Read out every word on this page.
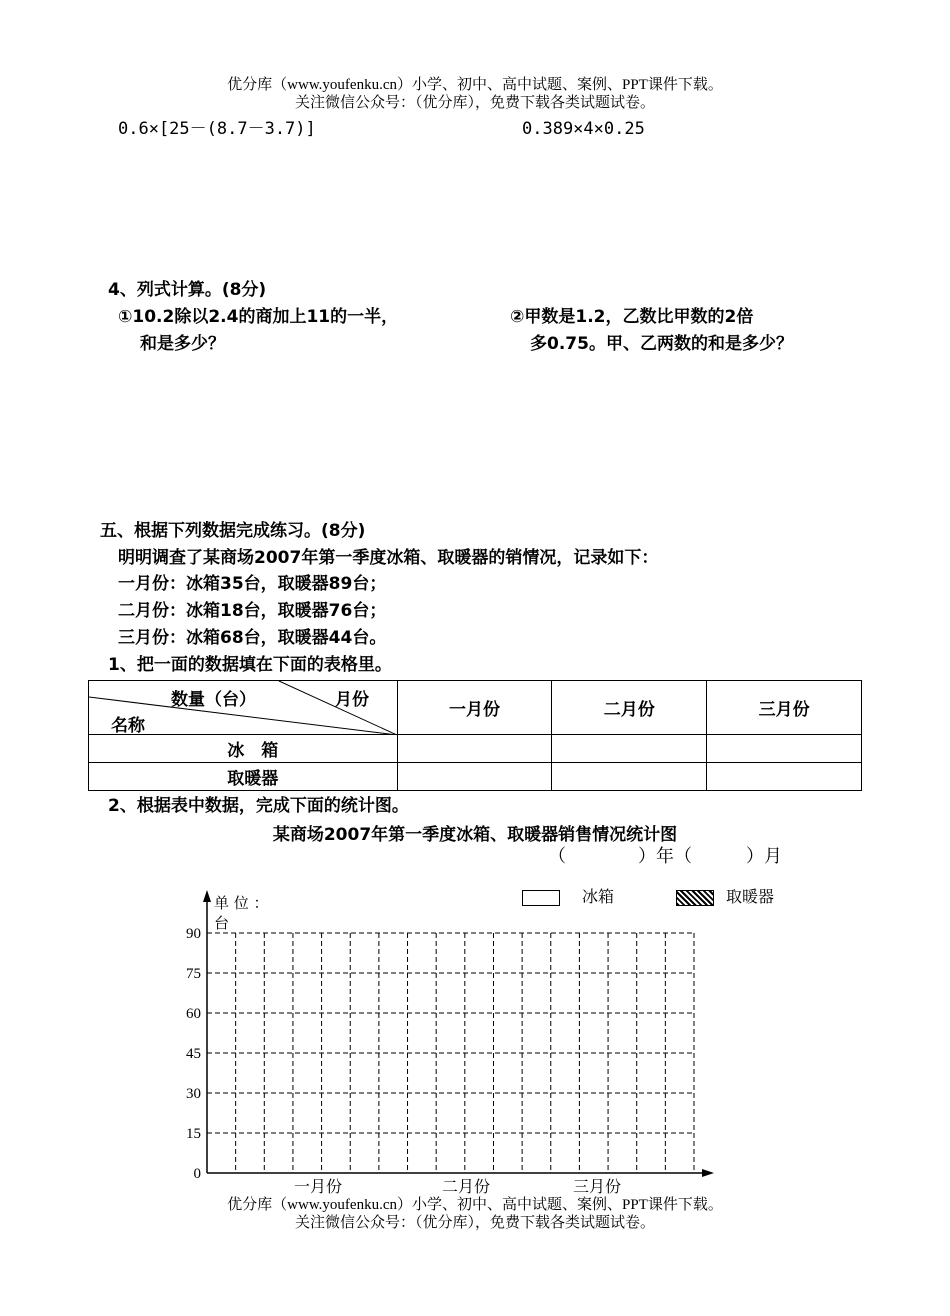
优分库（www.youfenku.cn）小学、初中、高中试题、案例、PPT课件下载。
关注微信公众号：（优分库），免费下载各类试题试卷。
0.6×[25－(8.7－3.7)]	0.389×4×0.25
4、列式计算。(8分)
①10.2除以2.4的商加上11的一半，
和是多少？
②甲数是1.2，乙数比甲数的2倍
多0.75。甲、乙两数的和是多少？
五、根据下列数据完成练习。(8分)
明明调查了某商场2007年第一季度冰箱、取暖器的销情况，记录如下：
一月份：冰箱35台，取暖器89台；
二月份：冰箱18台，取暖器76台；
三月份：冰箱68台，取暖器44台。
1、把一面的数据填在下面的表格里。
数量（台） 月份
名称	一月份	二月份	三月份
冰　箱			
取暖器			
2、根据表中数据，完成下面的统计图。
某商场2007年第一季度冰箱、取暖器销售情况统计图
（　　　　）年（　　　）月
冰箱	取暖器
单 位 ：
台
90
75
60
45
30
15
0
一月份	二月份	三月份
优分库（www.youfenku.cn）小学、初中、高中试题、案例、PPT课件下载。
关注微信公众号：（优分库），免费下载各类试题试卷。
